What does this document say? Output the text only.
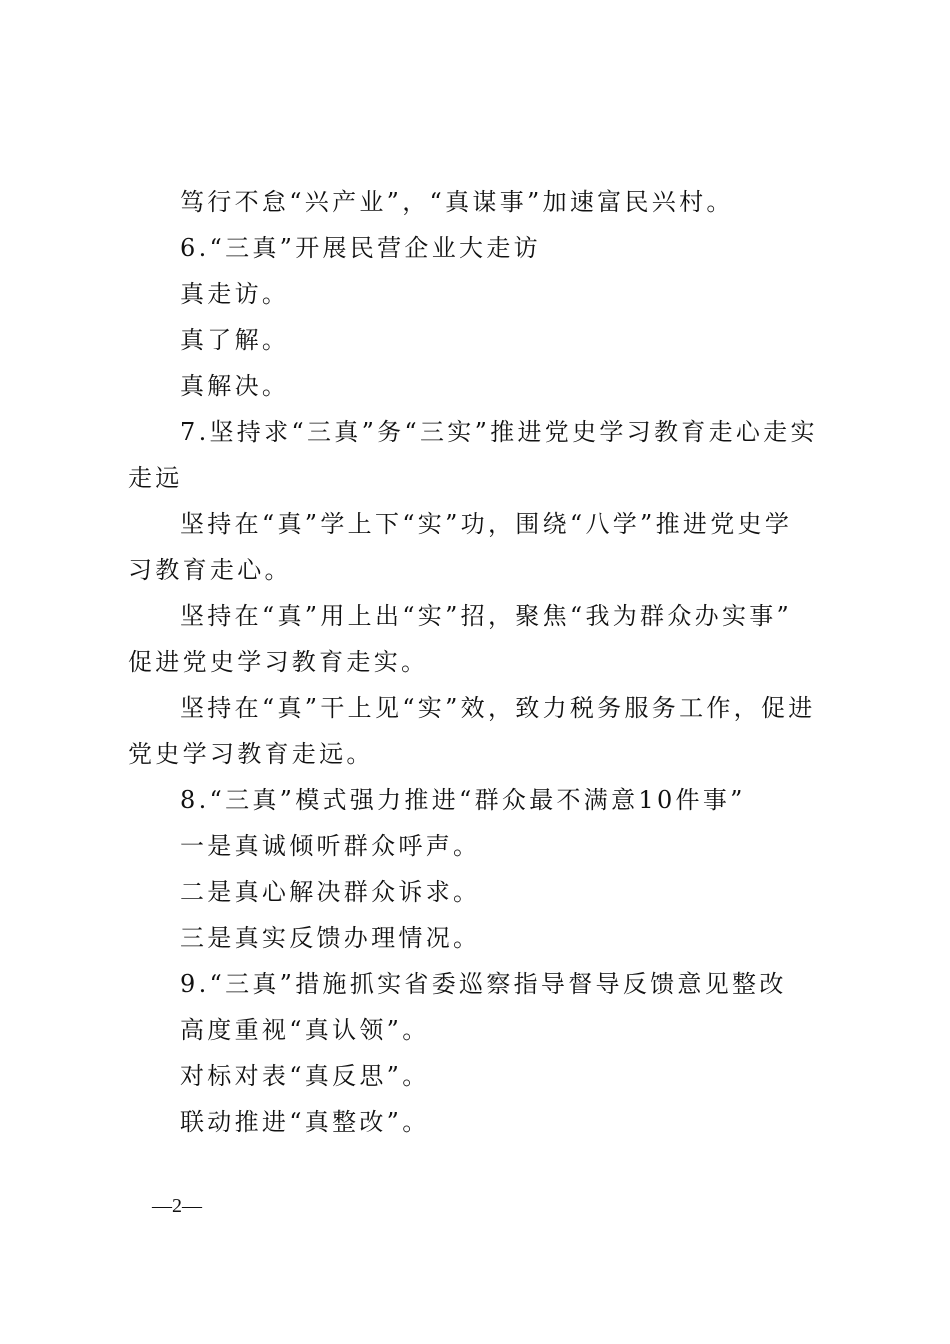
笃行不怠“兴产业”，“真谋事”加速富民兴村。
6.“三真”开展民营企业大走访
真走访。
真了解。
真解决。
7.坚持求“三真”务“三实”推进党史学习教育走心走实
走远
坚持在“真”学上下“实”功，围绕“八学”推进党史学
习教育走心。
坚持在“真”用上出“实”招，聚焦“我为群众办实事”
促进党史学习教育走实。
坚持在“真”干上见“实”效，致力税务服务工作，促进
党史学习教育走远。
8.“三真”模式强力推进“群众最不满意10件事”
一是真诚倾听群众呼声。
二是真心解决群众诉求。
三是真实反馈办理情况。
9.“三真”措施抓实省委巡察指导督导反馈意见整改
高度重视“真认领”。
对标对表“真反思”。
联动推进“真整改”。
—2—
